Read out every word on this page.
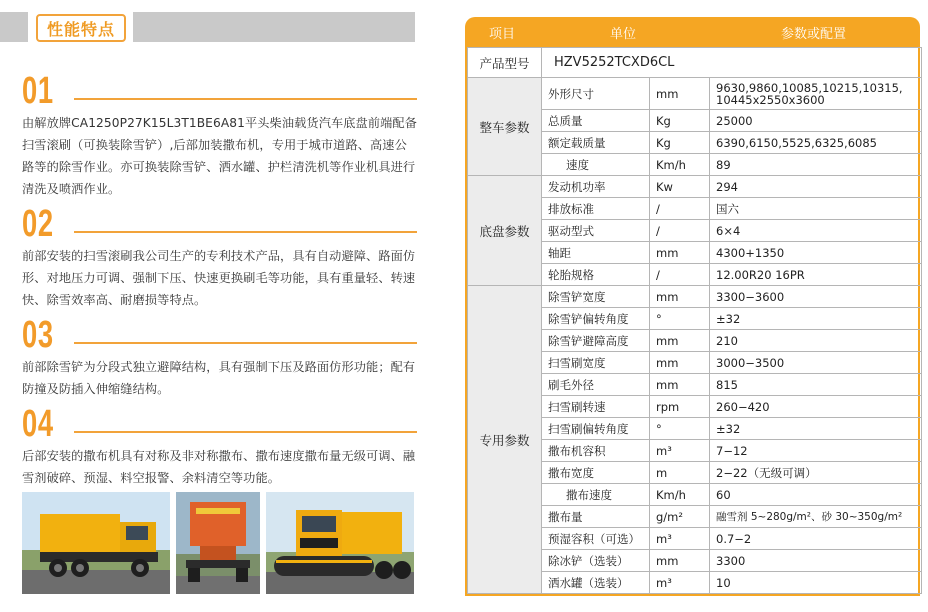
性能特点
01
由解放牌CA1250P27K15L3T1BE6A81平头柴油载货汽车底盘前端配备扫雪滚刷（可换装除雪铲）,后部加装撒布机，专用于城市道路、高速公路等的除雪作业。亦可换装除雪铲、洒水罐、护栏清洗机等作业机具进行清洗及喷洒作业。
02
前部安装的扫雪滚刷我公司生产的专利技术产品，具有自动避障、路面仿形、对地压力可调、强制下压、快速更换刷毛等功能，具有重量轻、转速快、除雪效率高、耐磨损等特点。
03
前部除雪铲为分段式独立避障结构，具有强制下压及路面仿形功能；配有防撞及防插入伸缩缝结构。
04
后部安装的撒布机具有对称及非对称撒布、撒布速度撒布量无级可调、融雪剂破碎、预湿、料空报警、余料清空等功能。
项目	单位	参数或配置
产品型号	HZV5252TCXD6CL		
整车参数	外形尺寸	mm	9630,9860,10085,10215,10315, 10445x2550x3600
	总质量	Kg	25000
	额定载质量	Kg	6390,6150,5525,6325,6085
	速度	Km/h	89
底盘参数	发动机功率	Kw	294
	排放标准	/	国六
	驱动型式	/	6×4
	轴距	mm	4300+1350
	轮胎规格	/	12.00R20 16PR
专用参数	除雪铲宽度	mm	3300−3600
	除雪铲偏转角度	°	±32
	除雪铲避障高度	mm	210
	扫雪刷宽度	mm	3000−3500
	刷毛外径	mm	815
	扫雪刷转速	rpm	260−420
	扫雪刷偏转角度	°	±32
	撒布机容积	m³	7−12
	撒布宽度	m	2−22（无级可调）
	撒布速度	Km/h	60
	撒布量	g/m²	融雪剂 5~280g/m²、砂 30~350g/m²
	预湿容积（可选）	m³	0.7−2
	除冰铲（选装）	mm	3300
	洒水罐（选装）	m³	10
